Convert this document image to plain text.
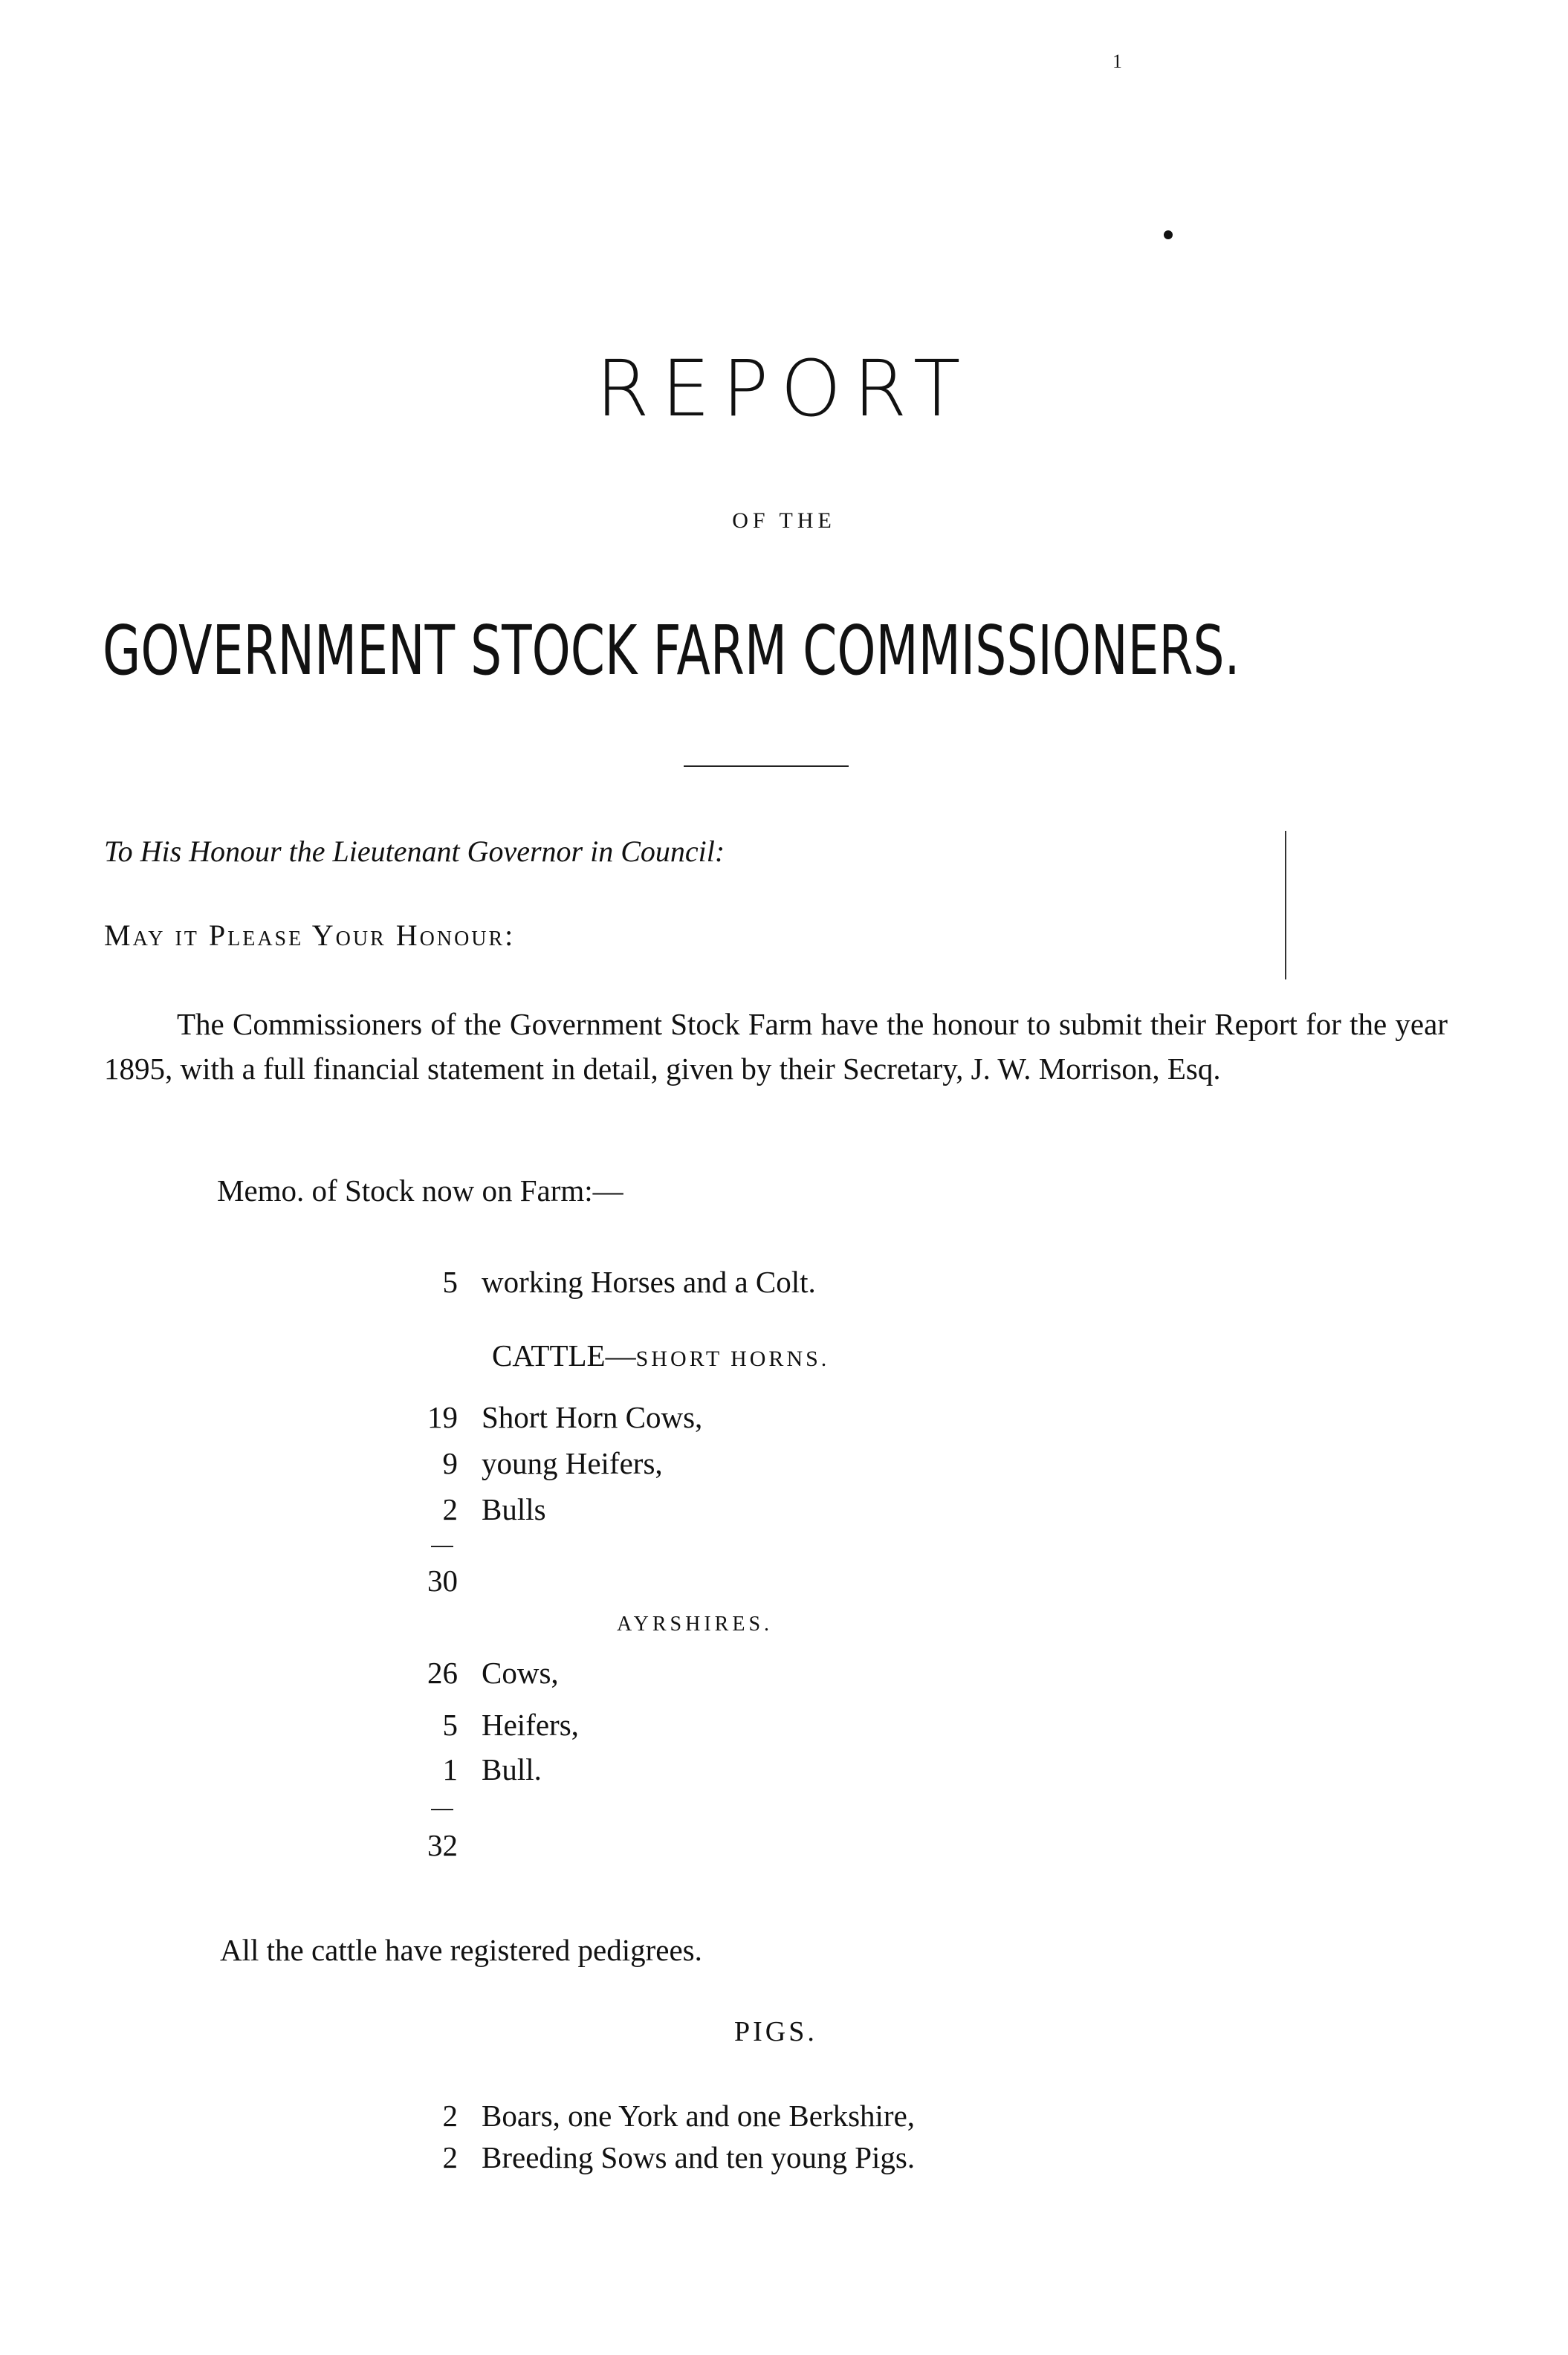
1
REPORT
OF THE
GOVERNMENT STOCK FARM COMMISSIONERS.
To His Honour the Lieutenant Governor in Council:
May it Please Your Honour:
The Commissioners of the Government Stock Farm have the honour to submit their Report for the year 1895, with a full financial statement in detail, given by their Secretary, J. W. Morrison, Esq.
Memo. of Stock now on Farm:—
5 working Horses and a Colt.
CATTLE—SHORT HORNS.
19 Short Horn Cows,
9 young Heifers,
2 Bulls
30
AYRSHIRES.
26 Cows,
5 Heifers,
1 Bull.
32
All the cattle have registered pedigrees.
PIGS.
2 Boars, one York and one Berkshire,
2 Breeding Sows and ten young Pigs.
